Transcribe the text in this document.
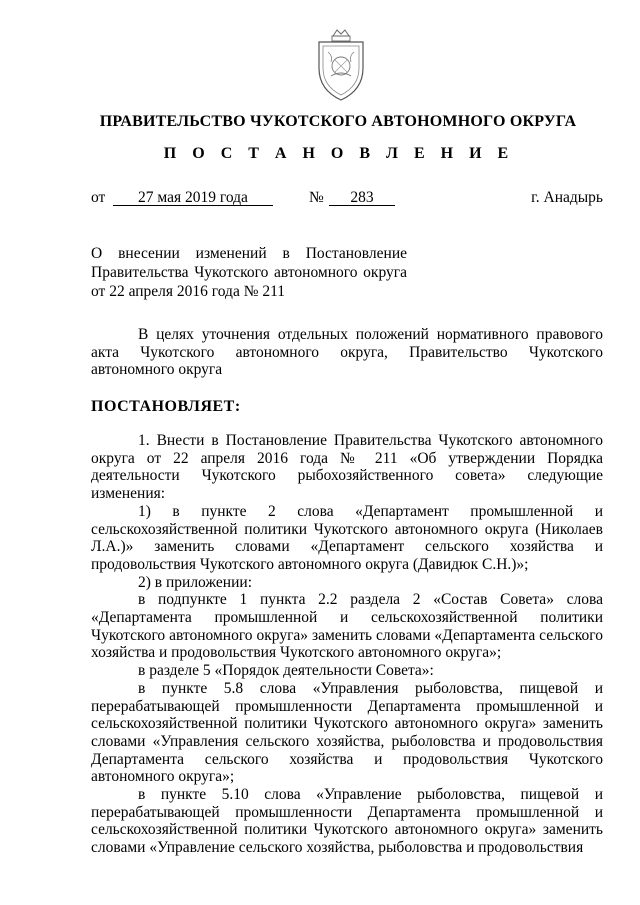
ПРАВИТЕЛЬСТВО ЧУКОТСКОГО АВТОНОМНОГО ОКРУГА
П О С Т А Н О В Л Е Н И Е
от	27 мая 2019 года	№	283	г. Анадырь

О внесении изменений в Постановление

Правительства Чукотского автономного округа

от 22 апреля 2016 года № 211

В целях уточнения отдельных положений нормативного правового акта Чукотского автономного округа, Правительство Чукотского автономного округа

ПОСТАНОВЛЯЕТ:

1. Внести в Постановление Правительства Чукотского автономного округа от 22 апреля 2016 года № 211 «Об утверждении Порядка деятельности Чукотского рыбохозяйственного совета» следующие изменения:

1) в пункте 2 слова «Департамент промышленной и сельскохозяйственной политики Чукотского автономного округа (Николаев Л.А.)» заменить словами «Департамент сельского хозяйства и продовольствия Чукотского автономного округа (Давидюк С.Н.)»;

2) в приложении:

в подпункте 1 пункта 2.2 раздела 2 «Состав Совета» слова «Департамента промышленной и сельскохозяйственной политики Чукотского автономного округа» заменить словами «Департамента сельского хозяйства и продовольствия Чукотского автономного округа»;

в разделе 5 «Порядок деятельности Совета»:

в пункте 5.8 слова «Управления рыболовства, пищевой и перерабатывающей промышленности Департамента промышленной и сельскохозяйственной политики Чукотского автономного округа» заменить словами «Управления сельского хозяйства, рыболовства и продовольствия Департамента сельского хозяйства и продовольствия Чукотского автономного округа»;

в пункте 5.10 слова «Управление рыболовства, пищевой и перерабатывающей промышленности Департамента промышленной и сельскохозяйственной политики Чукотского автономного округа» заменить словами «Управление сельского хозяйства, рыболовства и продовольствия
